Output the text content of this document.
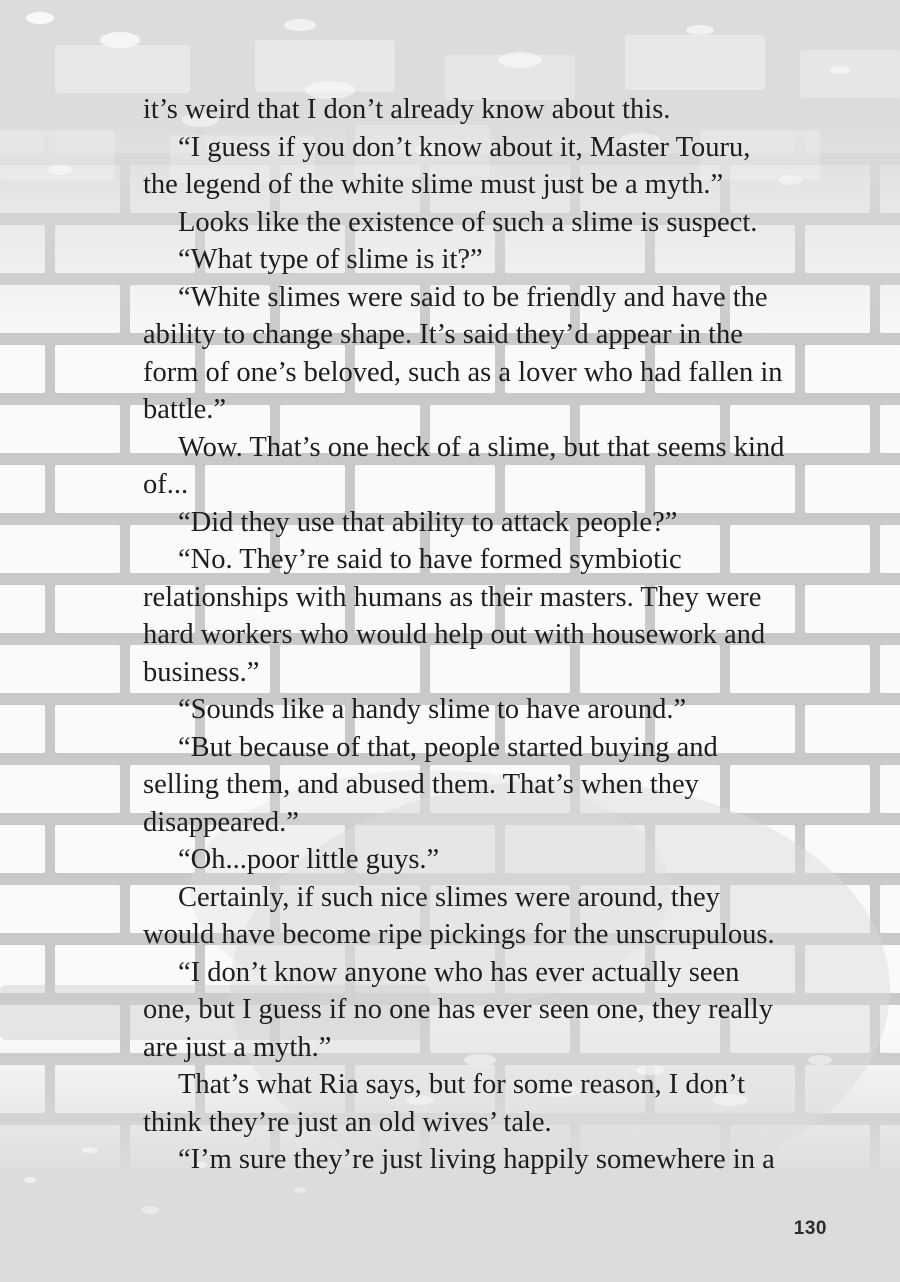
it’s weird that I don’t already know about this.

“I guess if you don’t know about it, Master Touru, the legend of the white slime must just be a myth.”

Looks like the existence of such a slime is suspect.

“What type of slime is it?”

“White slimes were said to be friendly and have the ability to change shape. It’s said they’d appear in the form of one’s beloved, such as a lover who had fallen in battle.”

Wow. That’s one heck of a slime, but that seems kind of...

“Did they use that ability to attack people?”

“No. They’re said to have formed symbiotic relationships with humans as their masters. They were hard workers who would help out with housework and business.”

“Sounds like a handy slime to have around.”

“But because of that, people started buying and selling them, and abused them. That’s when they disappeared.”

“Oh...poor little guys.”

Certainly, if such nice slimes were around, they would have become ripe pickings for the unscrupulous.

“I don’t know anyone who has ever actually seen one, but I guess if no one has ever seen one, they really are just a myth.”

That’s what Ria says, but for some reason, I don’t think they’re just an old wives’ tale.

“I’m sure they’re just living happily somewhere in a

130
